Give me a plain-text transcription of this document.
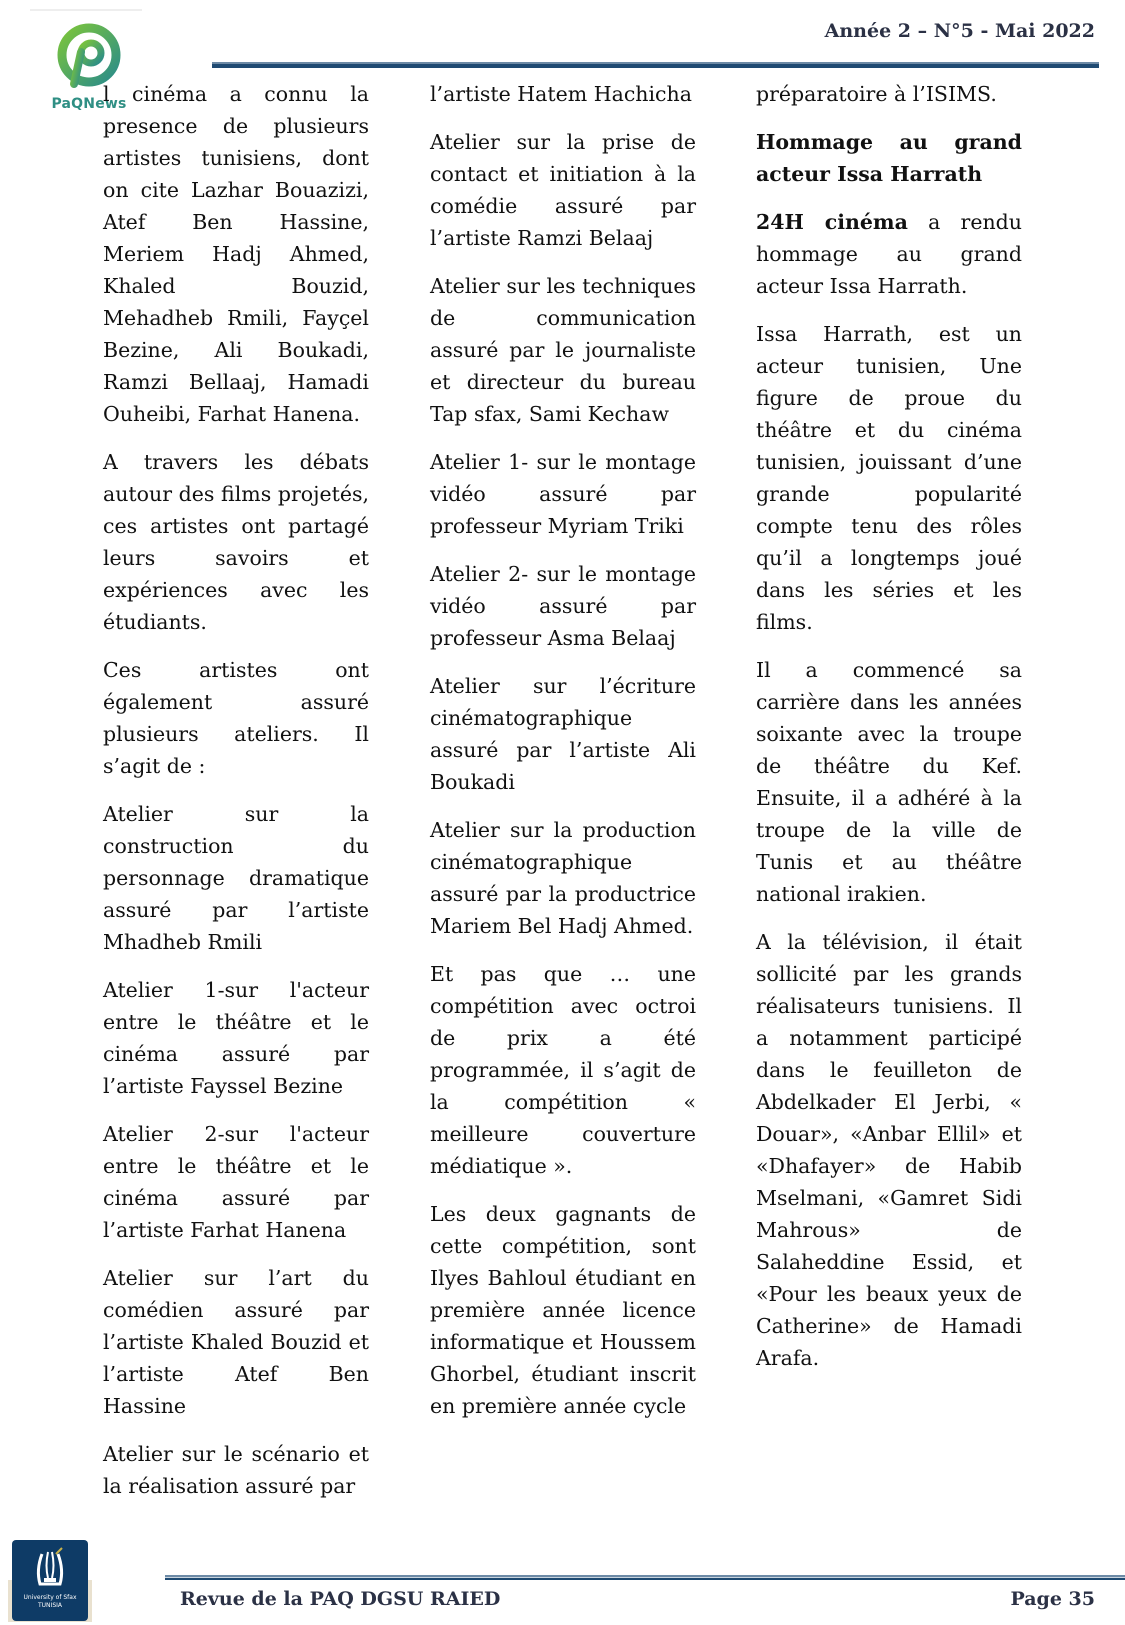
PaQNews
Année 2 – N°5 - Mai 2022

l cinéma a connu la presence de plusieurs artistes tunisiens, dont on cite Lazhar Bouazizi, Atef Ben Hassine, Meriem Hadj Ahmed, Khaled Bouzid, Mehadheb Rmili, Fayçel Bezine, Ali Boukadi, Ramzi Bellaaj, Hamadi Ouheibi, Farhat Hanena.

A travers les débats autour des films projetés, ces artistes ont partagé leurs savoirs et expériences avec les étudiants.

Ces artistes ont également assuré plusieurs ateliers. Il s’agit de :

Atelier sur la construction du personnage dramatique assuré par l’artiste Mhadheb Rmili

Atelier 1-sur l'acteur entre le théâtre et le cinéma assuré par l’artiste Fayssel Bezine

Atelier 2-sur l'acteur entre le théâtre et le cinéma assuré par l’artiste Farhat Hanena

Atelier sur l’art du comédien assuré par l’artiste Khaled Bouzid et l’artiste Atef Ben Hassine

Atelier sur le scénario et la réalisation assuré par

l’artiste Hatem Hachicha

Atelier sur la prise de contact et initiation à la comédie assuré par l’artiste Ramzi Belaaj

Atelier sur les techniques de communication assuré par le journaliste et directeur du bureau Tap sfax, Sami Kechaw

Atelier 1- sur le montage vidéo assuré par professeur Myriam Triki

Atelier 2- sur le montage vidéo assuré par professeur Asma Belaaj

Atelier sur l’écriture cinématographique assuré par l’artiste Ali Boukadi

Atelier sur la production cinématographique assuré par la productrice Mariem Bel Hadj Ahmed.

Et pas que … une compétition avec octroi de prix a été programmée, il s’agit de la compétition « meilleure couverture médiatique ».

Les deux gagnants de cette compétition, sont Ilyes Bahloul étudiant en première année licence informatique et Houssem Ghorbel, étudiant inscrit en première année cycle

préparatoire à l’ISIMS.

Hommage au grand acteur Issa Harrath

24H cinéma a rendu hommage au grand acteur Issa Harrath.

Issa Harrath, est un acteur tunisien, Une figure de proue du théâtre et du cinéma tunisien, jouissant d’une grande popularité compte tenu des rôles qu’il a longtemps joué dans les séries et les films.

Il a commencé sa carrière dans les années soixante avec la troupe de théâtre du Kef. Ensuite, il a adhéré à la troupe de la ville de Tunis et au théâtre national irakien.

A la télévision, il était sollicité par les grands réalisateurs tunisiens. Il a notamment participé dans le feuilleton de Abdelkader El Jerbi, « Douar», «Anbar Ellil» et «Dhafayer» de Habib Mselmani, «Gamret Sidi Mahrous» de Salaheddine Essid, et «Pour les beaux yeux de Catherine» de Hamadi Arafa.

University of Sfax
TUNISIA	Revue de la PAQ DGSU RAIED	Page 35
